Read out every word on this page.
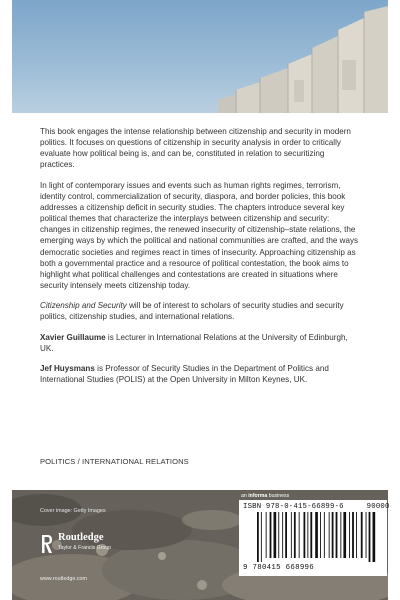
This book engages the intense relationship between citizenship and security in modern politics. It focuses on questions of citizenship in security analysis in order to critically evaluate how political being is, and can be, constituted in relation to securitizing practices.

In light of contemporary issues and events such as human rights regimes, terrorism, identity control, commercialization of security, diaspora, and border policies, this book addresses a citizenship deficit in security studies. The chapters introduce several key political themes that characterize the interplays between citizenship and security: changes in citizenship regimes, the renewed insecurity of citizenship–state relations, the emerging ways by which the political and national communities are crafted, and the ways democratic societies and regimes react in times of insecurity. Approaching citizenship as both a governmental practice and a resource of political contestation, the book aims to highlight what political challenges and contestations are created in situations where security intensely meets citizenship today.

Citizenship and Security will be of interest to scholars of security studies and security politics, citizenship studies, and international relations.

Xavier Guillaume is Lecturer in International Relations at the University of Edinburgh, UK.

Jef Huysmans is Professor of Security Studies in the Department of Politics and International Studies (POLIS) at the Open University in Milton Keynes, UK.

POLITICS / INTERNATIONAL RELATIONS
Cover image: Getty Images
Routledge
Taylor & Francis Group
www.routledge.com
an informa business
ISBN 978-0-415-66899-6	90000
9 780415 668996
